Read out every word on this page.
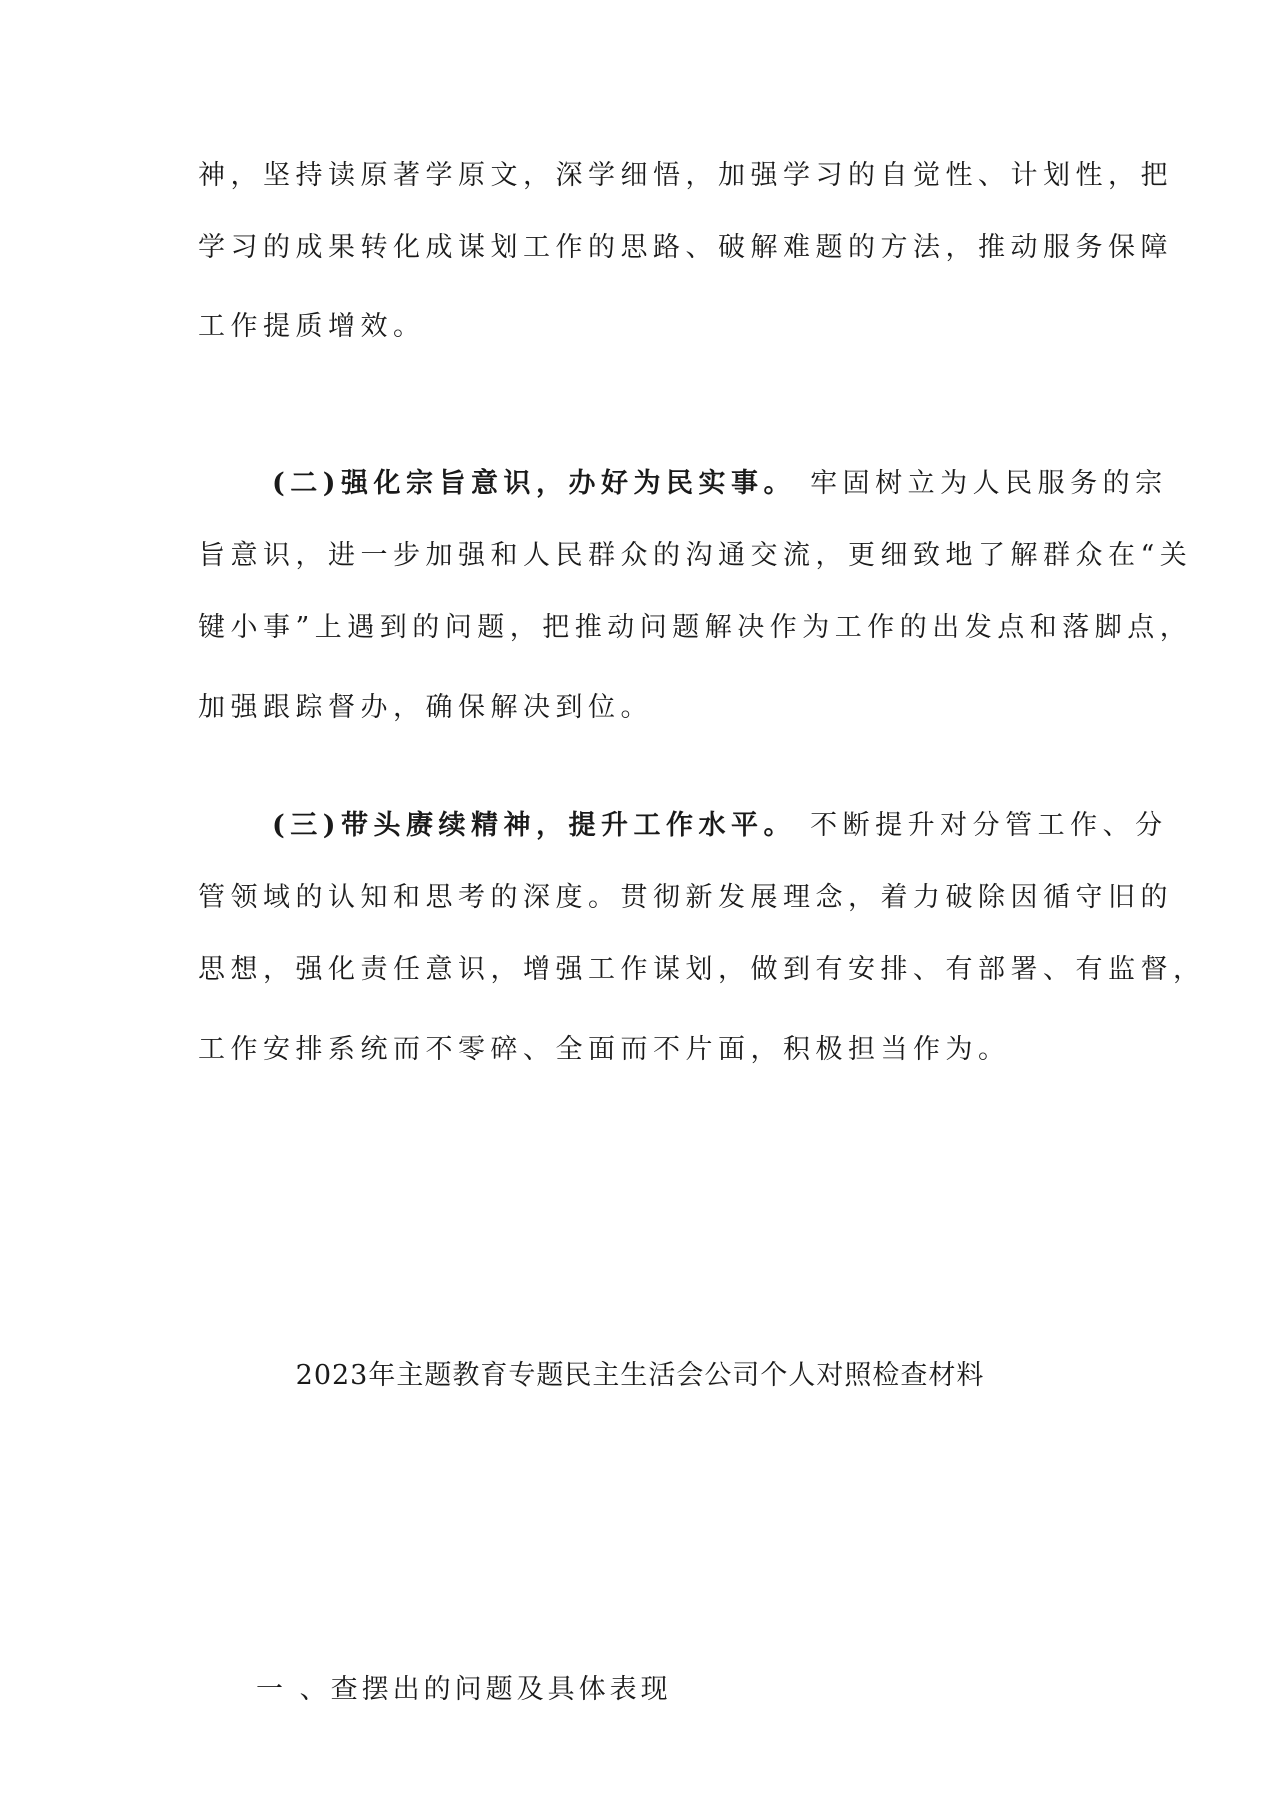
神，坚持读原著学原文，深学细悟，加强学习的自觉性、计划性，把
学习的成果转化成谋划工作的思路、破解难题的方法，推动服务保障
工作提质增效。
(二)强化宗旨意识，办好为民实事。 牢固树立为人民服务的宗
旨意识，进一步加强和人民群众的沟通交流，更细致地了解群众在“关
键小事”上遇到的问题，把推动问题解决作为工作的出发点和落脚点，
加强跟踪督办，确保解决到位。
(三)带头赓续精神，提升工作水平。 不断提升对分管工作、分
管领域的认知和思考的深度。贯彻新发展理念，着力破除因循守旧的
思想，强化责任意识，增强工作谋划，做到有安排、有部署、有监督，
工作安排系统而不零碎、全面而不片面，积极担当作为。
2023年主题教育专题民主生活会公司个人对照检查材料
一 、查摆出的问题及具体表现
